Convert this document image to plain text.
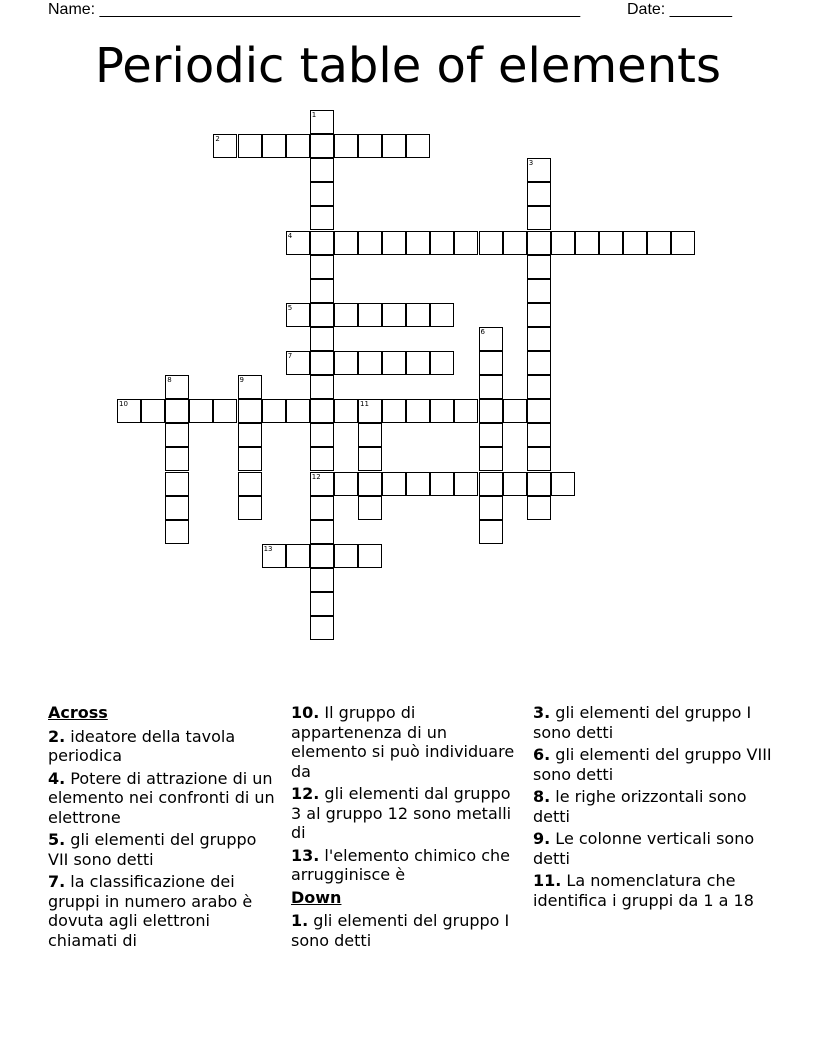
Name: ______________________________________________________	Date: _______
Periodic table of elements
1
12
2
3
4
5
6
7
8	9
10	11
13
Across
2. ideatore della tavola periodica
4. Potere di attrazione di un elemento nei confronti di un elettrone
5. gli elementi del gruppo VII sono detti
7. la classificazione dei gruppi in numero arabo è dovuta agli elettroni chiamati di
10. Il gruppo di appartenenza di un elemento si può individuare da
12. gli elementi dal gruppo 3 al gruppo 12 sono metalli di
13. l'elemento chimico che arrugginisce è
Down
1. gli elementi del gruppo I sono detti
3. gli elementi del gruppo I sono detti
6. gli elementi del gruppo VIII sono detti
8. le righe orizzontali sono detti
9. Le colonne verticali sono detti
11. La nomenclatura che identifica i gruppi da 1 a 18
